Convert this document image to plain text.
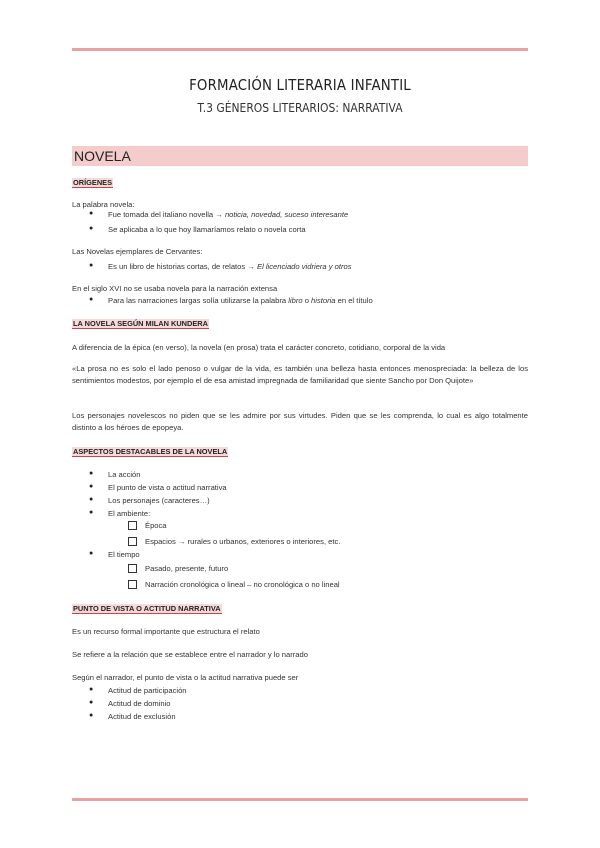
FORMACIÓN LITERARIA INFANTIL
T.3 GÉNEROS LITERARIOS: NARRATIVA
NOVELA
ORÍGENES
La palabra novela:
● Fue tomada del italiano novella → noticia, novedad, suceso interesante
● Se aplicaba a lo que hoy llamaríamos relato o novela corta
Las Novelas ejemplares de Cervantes:
● Es un libro de historias cortas, de relatos → El licenciado vidriera y otros
En el siglo XVI no se usaba novela para la narración extensa
● Para las narraciones largas solía utilizarse la palabra libro o historia en el título
LA NOVELA SEGÚN MILAN KUNDERA
A diferencia de la épica (en verso), la novela (en prosa) trata el carácter concreto, cotidiano, corporal de la vida
«La prosa no es solo el lado penoso o vulgar de la vida, es también una belleza hasta entonces menospreciada: la belleza de los sentimientos modestos, por ejemplo el de esa amistad impregnada de familiaridad que siente Sancho por Don Quijote»
Los personajes novelescos no piden que se les admire por sus virtudes. Piden que se les comprenda, lo cual es algo totalmente distinto a los héroes de epopeya.
ASPECTOS DESTACABLES DE LA NOVELA
● La acción
● El punto de vista o actitud narrativa
● Los personajes (caracteres…)
● El ambiente:
Época
Espacios → rurales o urbanos, exteriores o interiores, etc.
● El tiempo
Pasado, presente, futuro
Narración cronológica o lineal – no cronológica o no lineal
PUNTO DE VISTA O ACTITUD NARRATIVA
Es un recurso formal importante que estructura el relato
Se refiere a la relación que se establece entre el narrador y lo narrado
Según el narrador, el punto de vista o la actitud narrativa puede ser
● Actitud de participación
● Actitud de dominio
● Actitud de exclusión
